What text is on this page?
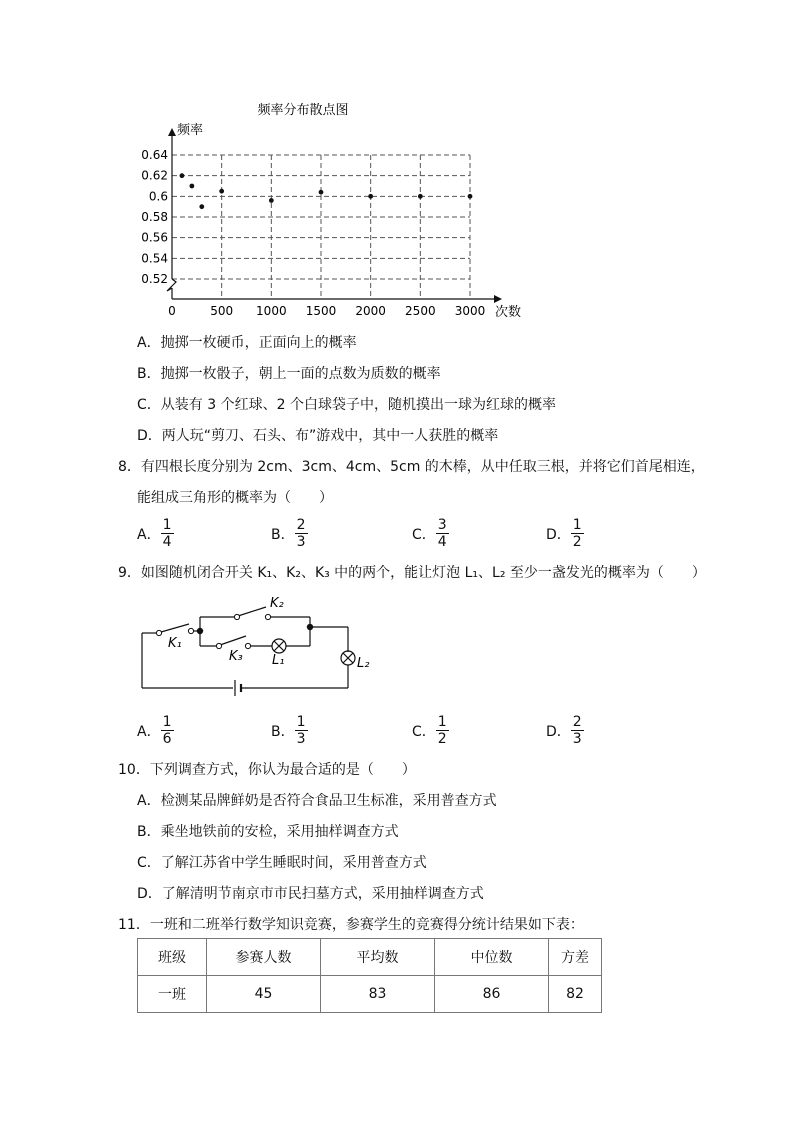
频率分布散点图
0.52
0.54
0.56
0.58
0.6
0.62
0.64
0	500 1000 1500 2000 2500 3000
频率
次数
A．抛掷一枚硬币，正面向上的概率
B．抛掷一枚骰子，朝上一面的点数为质数的概率
C．从装有 3 个红球、2 个白球袋子中，随机摸出一球为红球的概率
D．两人玩“剪刀、石头、布”游戏中，其中一人获胜的概率
8．有四根长度分别为 2cm、3cm、4cm、5cm 的木棒，从中任取三根，并将它们首尾相连，
能组成三角形的概率为（　　）
A． $\frac{1}{4}$	B． $\frac{2}{3}$	C． $\frac{3}{4}$	D． $\frac{1}{2}$
9．如图随机闭合开关 K₁、K₂、K₃ 中的两个，能让灯泡 L₁、L₂ 至少一盏发光的概率为（　　）
K₁
K₂
K₃ L₁	L₂
A． $\frac{1}{6}$	B． $\frac{1}{3}$	C． $\frac{1}{2}$	D． $\frac{2}{3}$
10．下列调查方式，你认为最合适的是（　　）
A．检测某品牌鲜奶是否符合食品卫生标准，采用普查方式
B．乘坐地铁前的安检，采用抽样调查方式
C．了解江苏省中学生睡眠时间，采用普查方式
D．了解清明节南京市市民扫墓方式，采用抽样调查方式
11．一班和二班举行数学知识竞赛，参赛学生的竞赛得分统计结果如下表：
班级	参赛人数	平均数	中位数	方差
一班	45	83	86	82
